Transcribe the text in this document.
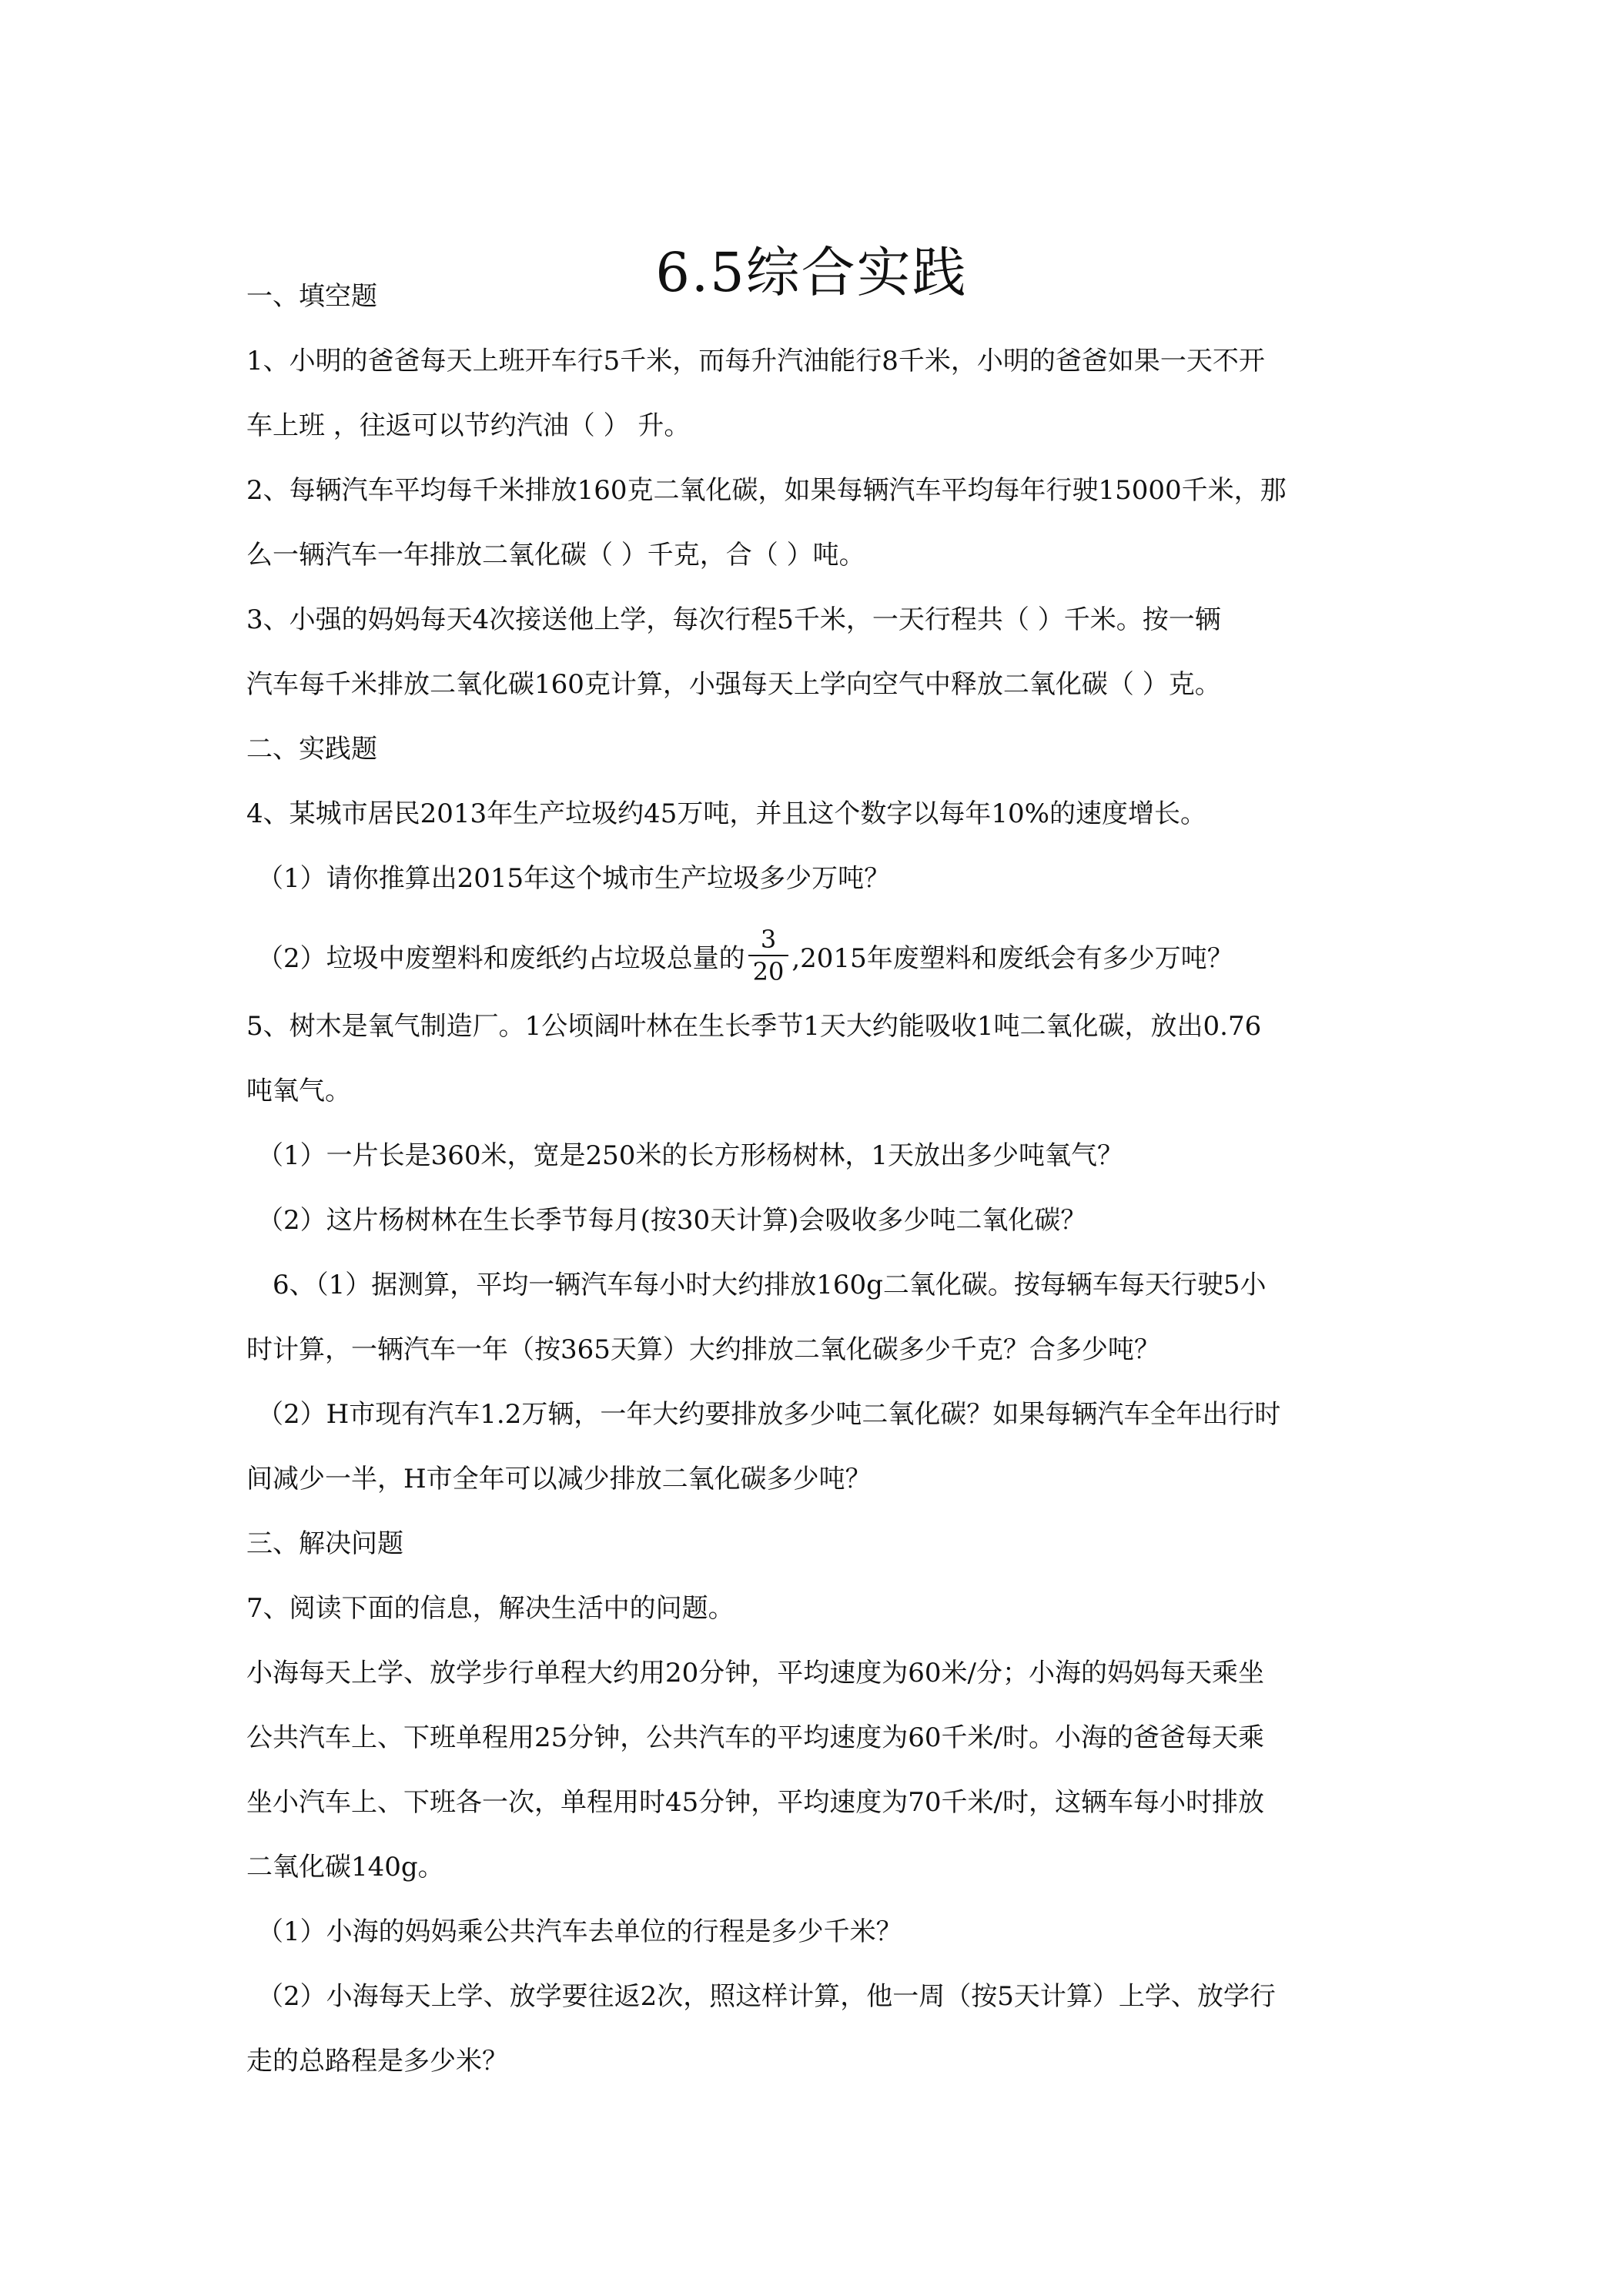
6.5综合实践
一、填空题
1、小明的爸爸每天上班开车行5千米，而每升汽油能行8千米，小明的爸爸如果一天不开
车上班 ，往返可以节约汽油（ ） 升。
2、每辆汽车平均每千米排放160克二氧化碳，如果每辆汽车平均每年行驶15000千米，那
么一辆汽车一年排放二氧化碳（ ）千克，合（ ）吨。
3、小强的妈妈每天4次接送他上学，每次行程5千米，一天行程共（ ）千米。按一辆
汽车每千米排放二氧化碳160克计算，小强每天上学向空气中释放二氧化碳（ ）克。
二、实践题
4、某城市居民2013年生产垃圾约45万吨，并且这个数字以每年10%的速度增长。
（1）请你推算出2015年这个城市生产垃圾多少万吨？
（2）垃圾中废塑料和废纸约占垃圾总量的 $\frac{3}{20} ,2015$年废塑料和废纸会有多少万吨？
5、树木是氧气制造厂。1公顷阔叶林在生长季节1天大约能吸收1吨二氧化碳，放出0.76
吨氧气。
（1）一片长是360米，宽是250米的长方形杨树林，1天放出多少吨氧气？
（2）这片杨树林在生长季节每月(按30天计算)会吸收多少吨二氧化碳？
6、（1）据测算，平均一辆汽车每小时大约排放160g二氧化碳。按每辆车每天行驶5小
时计算，一辆汽车一年（按365天算）大约排放二氧化碳多少千克？合多少吨？
（2）H市现有汽车1.2万辆，一年大约要排放多少吨二氧化碳？如果每辆汽车全年出行时
间减少一半，H市全年可以减少排放二氧化碳多少吨？
三、解决问题
7、阅读下面的信息，解决生活中的问题。
小海每天上学、放学步行单程大约用20分钟，平均速度为60米/分；小海的妈妈每天乘坐
公共汽车上、下班单程用25分钟，公共汽车的平均速度为60千米/时。小海的爸爸每天乘
坐小汽车上、下班各一次，单程用时45分钟，平均速度为70千米/时，这辆车每小时排放
二氧化碳140g。
（1）小海的妈妈乘公共汽车去单位的行程是多少千米？
（2）小海每天上学、放学要往返2次，照这样计算，他一周（按5天计算）上学、放学行
走的总路程是多少米？
